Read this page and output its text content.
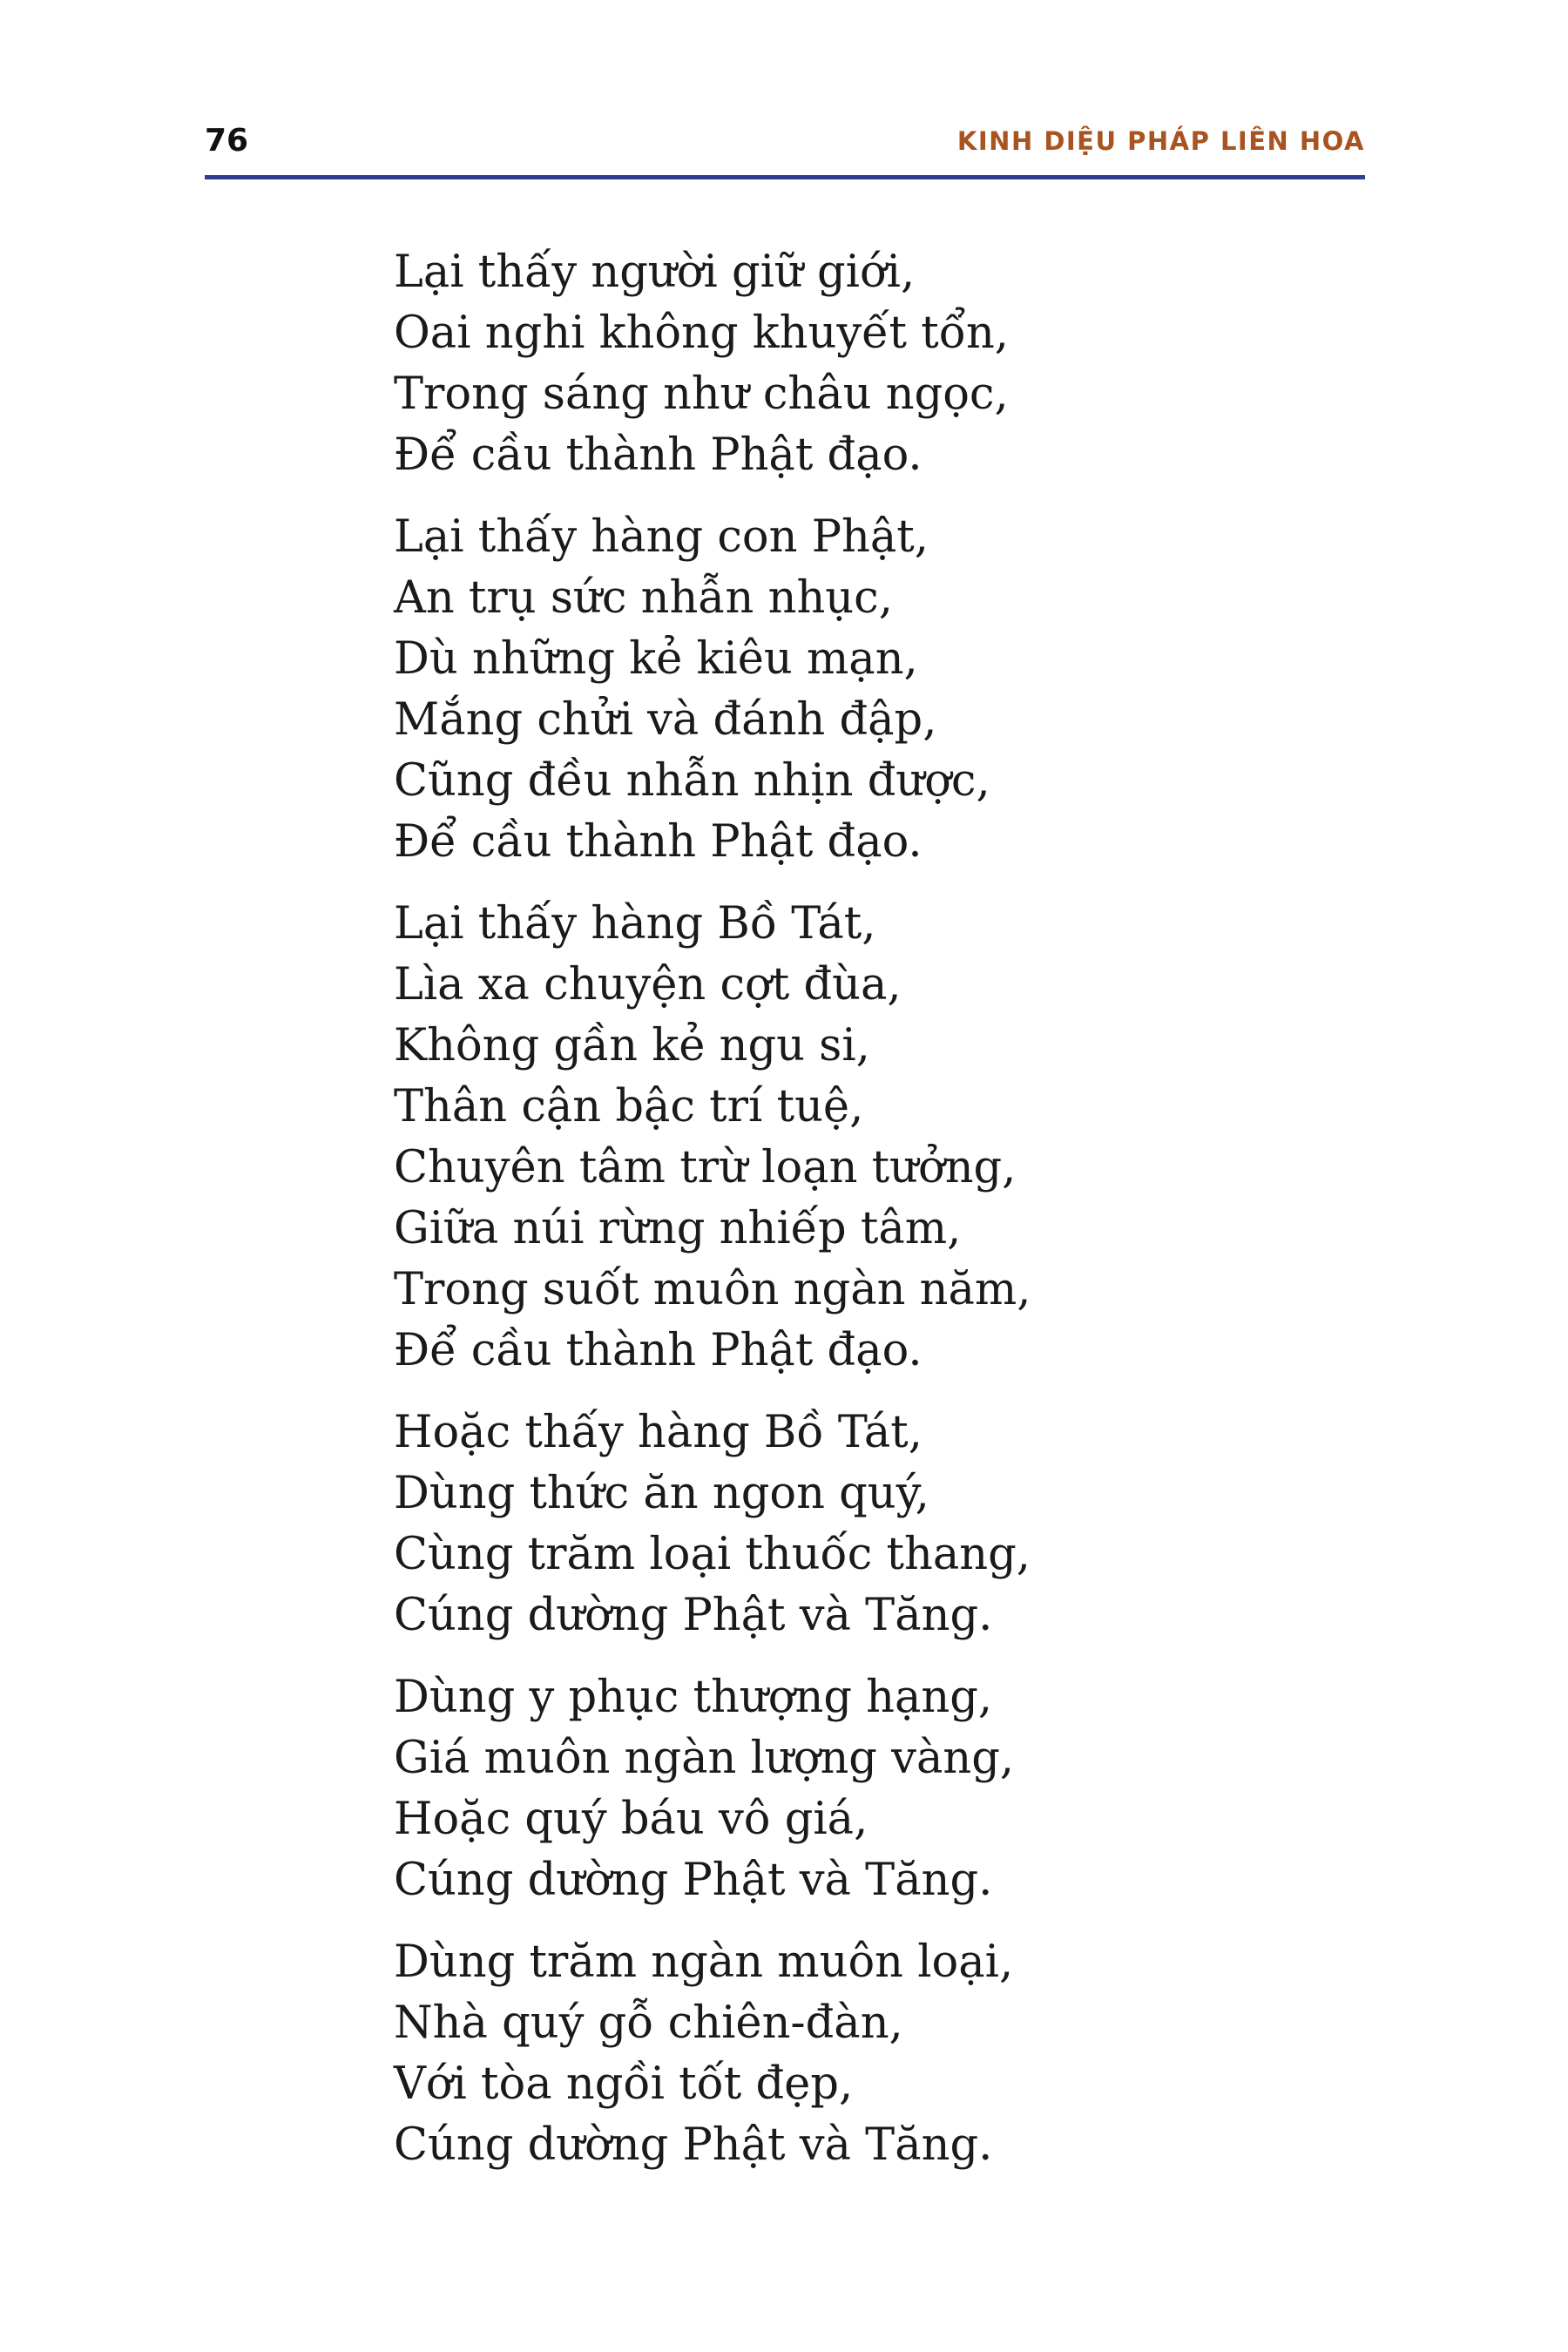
76	KINH DIỆU PHÁP LIÊN HOA
Lại thấy người giữ giới,
Oai nghi không khuyết tổn,
Trong sáng như châu ngọc,
Để cầu thành Phật đạo.
Lại thấy hàng con Phật,
An trụ sức nhẫn nhục,
Dù những kẻ kiêu mạn,
Mắng chửi và đánh đập,
Cũng đều nhẫn nhịn được,
Để cầu thành Phật đạo.
Lại thấy hàng Bồ Tát,
Lìa xa chuyện cợt đùa,
Không gần kẻ ngu si,
Thân cận bậc trí tuệ,
Chuyên tâm trừ loạn tưởng,
Giữa núi rừng nhiếp tâm,
Trong suốt muôn ngàn năm,
Để cầu thành Phật đạo.
Hoặc thấy hàng Bồ Tát,
Dùng thức ăn ngon quý,
Cùng trăm loại thuốc thang,
Cúng dường Phật và Tăng.
Dùng y phục thượng hạng,
Giá muôn ngàn lượng vàng,
Hoặc quý báu vô giá,
Cúng dường Phật và Tăng.
Dùng trăm ngàn muôn loại,
Nhà quý gỗ chiên-đàn,
Với tòa ngồi tốt đẹp,
Cúng dường Phật và Tăng.
